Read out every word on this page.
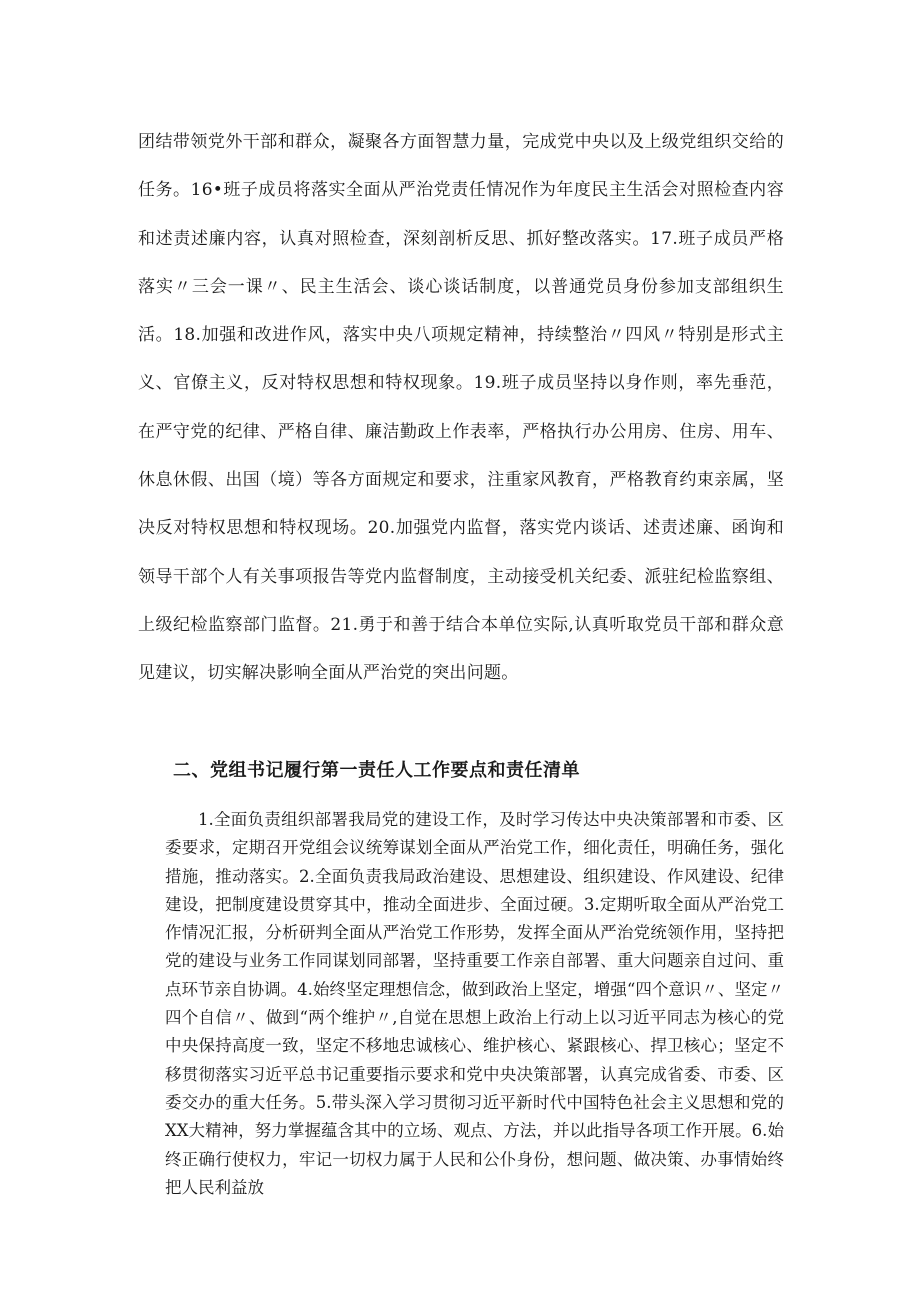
团结带领党外干部和群众，凝聚各方面智慧力量，完成党中央以及上级党组织交给的任务。16•班子成员将落实全面从严治党责任情况作为年度民主生活会对照检查内容和述责述廉内容，认真对照检查，深刻剖析反思、抓好整改落实。17.班子成员严格落实〃三会一课〃、民主生活会、谈心谈话制度，以普通党员身份参加支部组织生活。18.加强和改进作风，落实中央八项规定精神，持续整治〃四风〃特别是形式主义、官僚主义，反对特权思想和特权现象。19.班子成员坚持以身作则，率先垂范，在严守党的纪律、严格自律、廉洁勤政上作表率，严格执行办公用房、住房、用车、休息休假、出国（境）等各方面规定和要求，注重家风教育，严格教育约束亲属，坚决反对特权思想和特权现场。20.加强党内监督，落实党内谈话、述责述廉、函询和领导干部个人有关事项报告等党内监督制度，主动接受机关纪委、派驻纪检监察组、上级纪检监察部门监督。21.勇于和善于结合本单位实际,认真听取党员干部和群众意见建议，切实解决影响全面从严治党的突出问题。

二、党组书记履行第一责任人工作要点和责任清单

1.全面负责组织部署我局党的建设工作，及时学习传达中央决策部署和市委、区委要求，定期召开党组会议统筹谋划全面从严治党工作，细化责任，明确任务，强化措施，推动落实。2.全面负责我局政治建设、思想建设、组织建设、作风建设、纪律建设，把制度建设贯穿其中，推动全面进步、全面过硬。3.定期听取全面从严治党工作情况汇报，分析研判全面从严治党工作形势，发挥全面从严治党统领作用，坚持把党的建设与业务工作同谋划同部署，坚持重要工作亲自部署、重大问题亲自过问、重点环节亲自协调。4.始终坚定理想信念，做到政治上坚定，增强“四个意识〃、坚定〃四个自信〃、做到“两个维护〃,自觉在思想上政治上行动上以习近平同志为核心的党中央保持高度一致，坚定不移地忠诚核心、维护核心、紧跟核心、捍卫核心；坚定不移贯彻落实习近平总书记重要指示要求和党中央决策部署，认真完成省委、市委、区委交办的重大任务。5.带头深入学习贯彻习近平新时代中国特色社会主义思想和党的XX大精神，努力掌握蕴含其中的立场、观点、方法，并以此指导各项工作开展。6.始终正确行使权力，牢记一切权力属于人民和公仆身份，想问题、做决策、办事情始终把人民利益放
